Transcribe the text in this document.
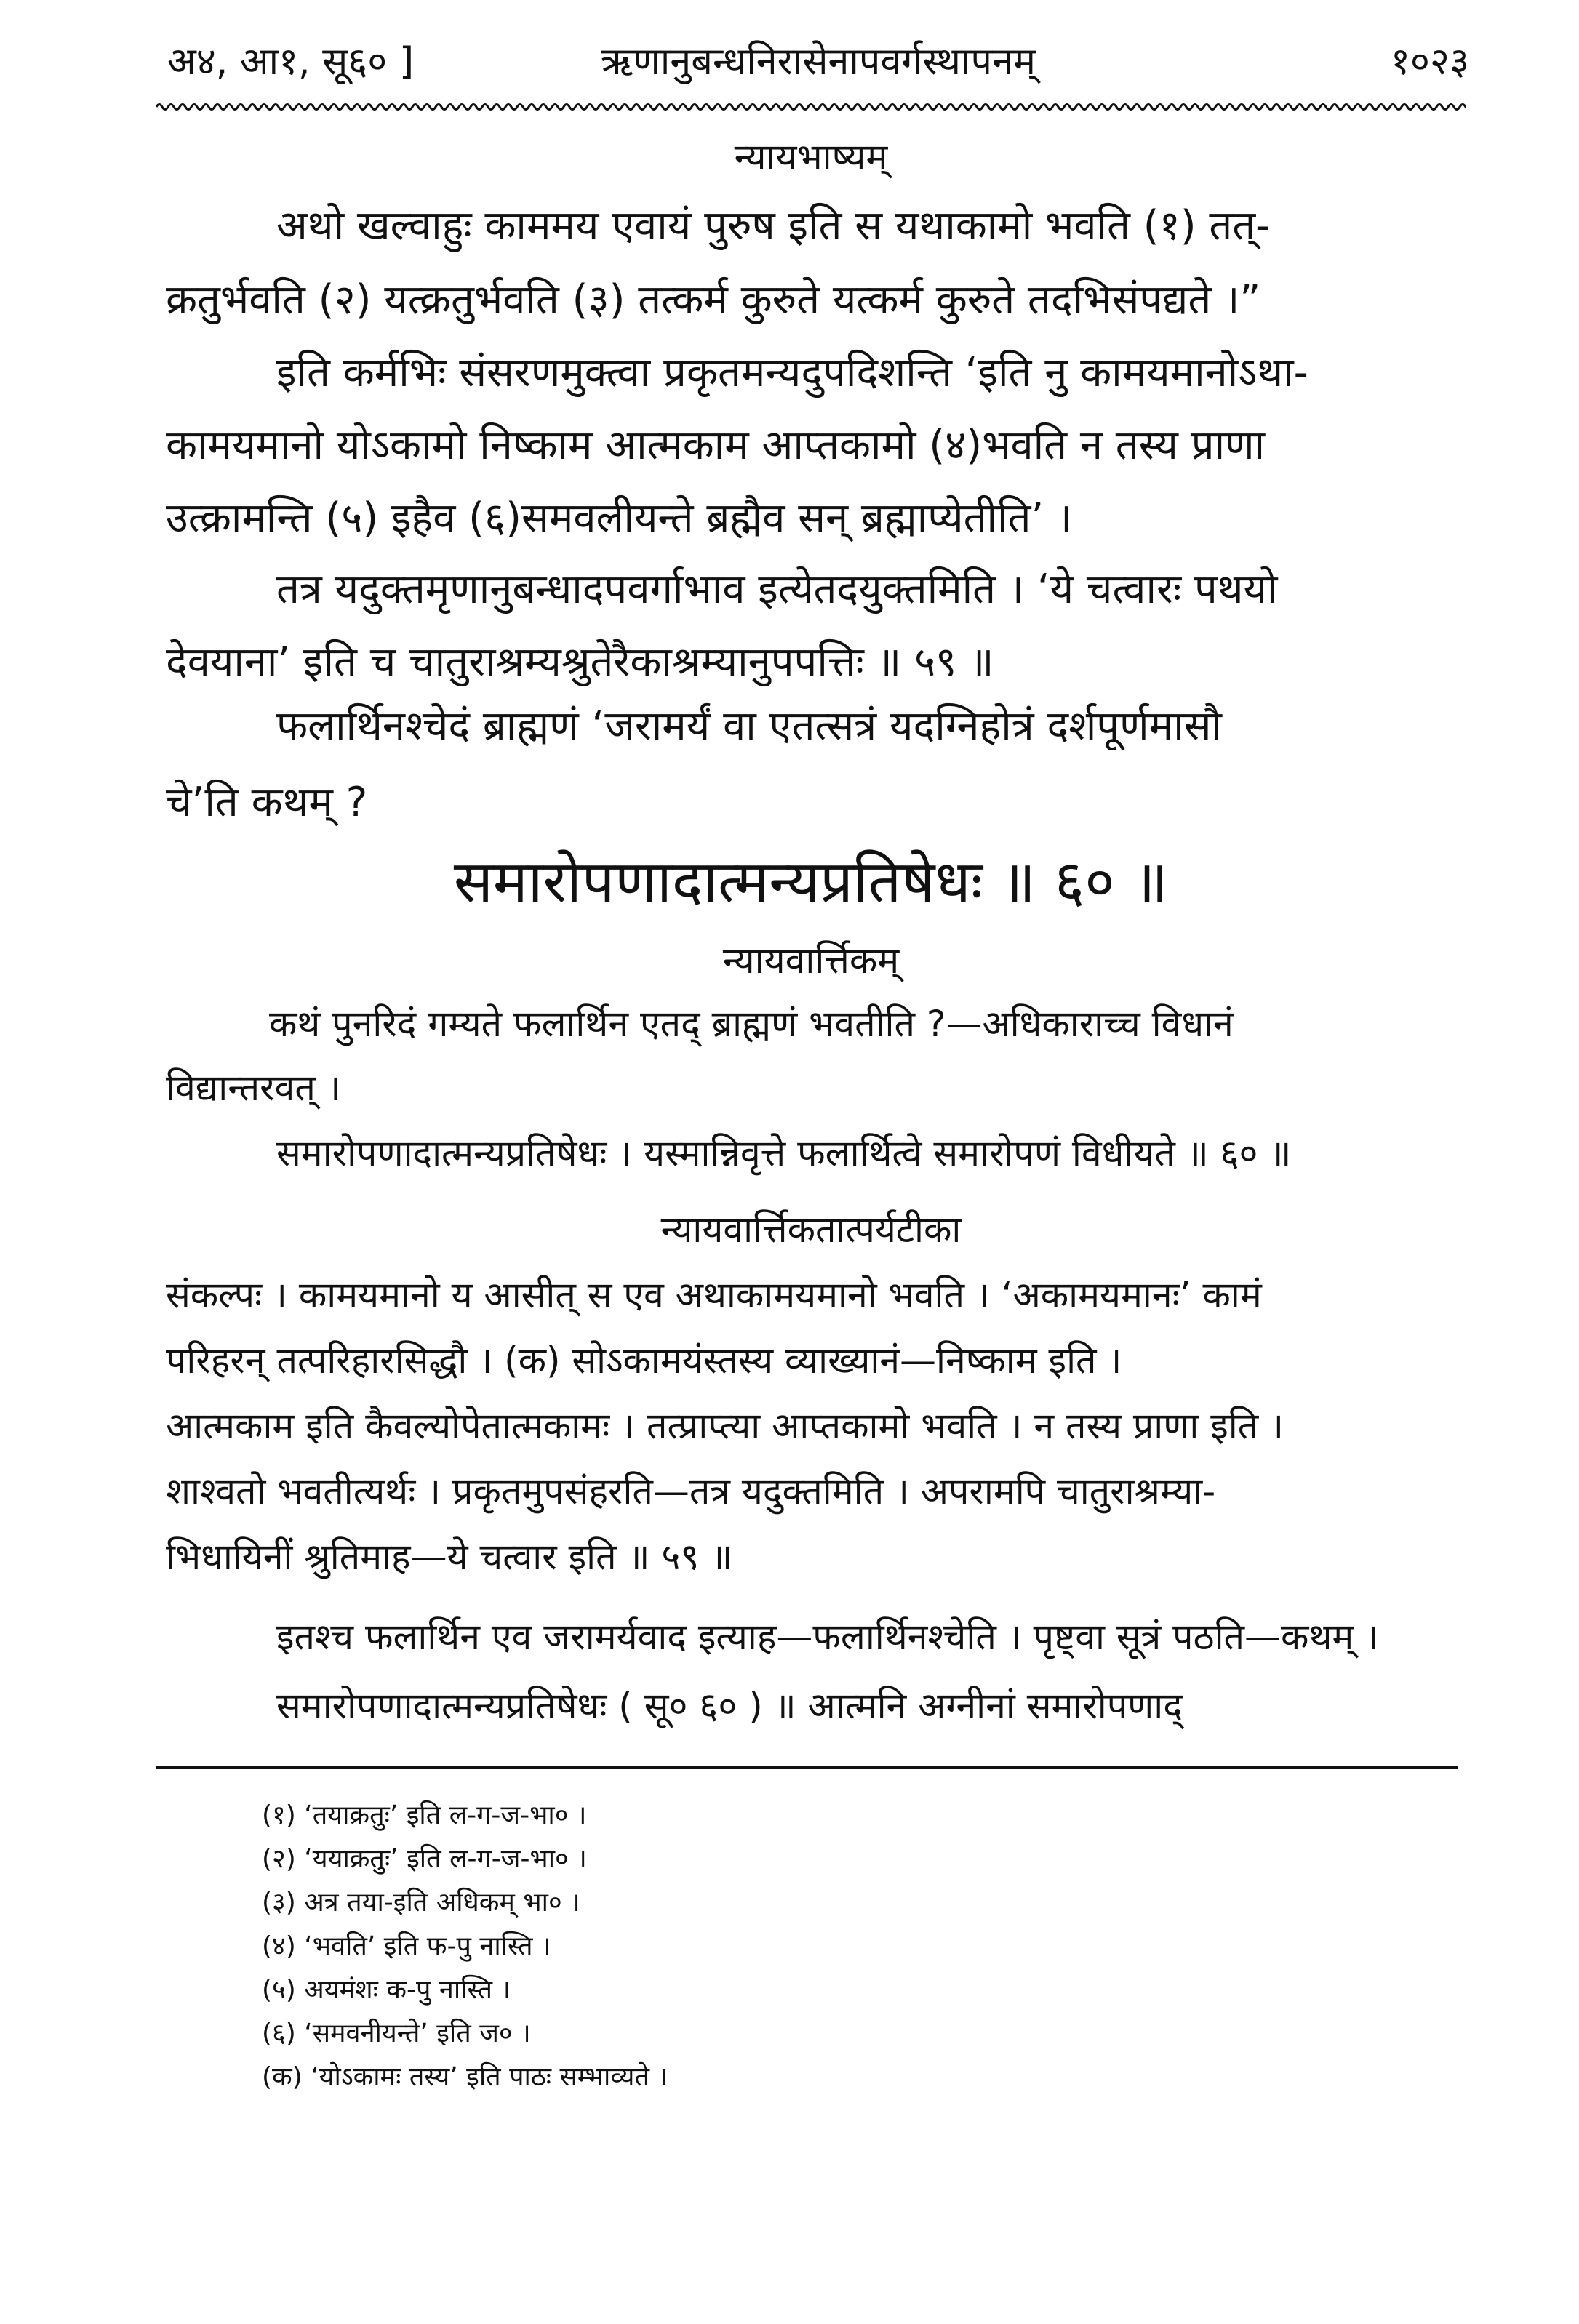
अ४, आ१, सू६० ]	ऋणानुबन्धनिरासेनापवर्गस्थापनम्	१०२३
न्यायभाष्यम्
अथो खल्वाहुः काममय एवायं पुरुष इति स यथाकामो भवति (१) तत्-
क्रतुर्भवति (२) यत्क्रतुर्भवति (३) तत्कर्म कुरुते यत्कर्म कुरुते तदभिसंपद्यते ।”
इति कर्मभिः संसरणमुक्त्वा प्रकृतमन्यदुपदिशन्ति ‘इति नु कामयमानोऽथा-
कामयमानो योऽकामो निष्काम आत्मकाम आप्तकामो (४)भवति न तस्य प्राणा
उत्क्रामन्ति (५) इहैव (६)समवलीयन्ते ब्रह्मैव सन् ब्रह्माप्येतीति’ ।
तत्र यदुक्तमृणानुबन्धादपवर्गाभाव इत्येतदयुक्तमिति । ‘ये चत्वारः पथयो
देवयाना’ इति च चातुराश्रम्यश्रुतेरैकाश्रम्यानुपपत्तिः ॥ ५९ ॥
फलार्थिनश्चेदं ब्राह्मणं ‘जरामर्यं वा एतत्सत्रं यदग्निहोत्रं दर्शपूर्णमासौ
चे’ति कथम् ?
समारोपणादात्मन्यप्रतिषेधः ॥ ६० ॥
न्यायवार्त्तिकम्
कथं पुनरिदं गम्यते फलार्थिन एतद् ब्राह्मणं भवतीति ?—अधिकाराच्च विधानं
विद्यान्तरवत् ।
समारोपणादात्मन्यप्रतिषेधः । यस्मान्निवृत्ते फलार्थित्वे समारोपणं विधीयते ॥ ६० ॥
न्यायवार्त्तिकतात्पर्यटीका
संकल्पः । कामयमानो य आसीत् स एव अथाकामयमानो भवति । ‘अकामयमानः’ कामं
परिहरन् तत्परिहारसिद्धौ । (क) सोऽकामयंस्तस्य व्याख्यानं—निष्काम इति ।
आत्मकाम इति कैवल्योपेतात्मकामः । तत्प्राप्त्या आप्तकामो भवति । न तस्य प्राणा इति ।
शाश्वतो भवतीत्यर्थः । प्रकृतमुपसंहरति—तत्र यदुक्तमिति । अपरामपि चातुराश्रम्या-
भिधायिनीं श्रुतिमाह—ये चत्वार इति ॥ ५९ ॥
इतश्च फलार्थिन एव जरामर्यवाद इत्याह—फलार्थिनश्चेति । पृष्ट्वा सूत्रं पठति—कथम् ।
समारोपणादात्मन्यप्रतिषेधः ( सू० ६० ) ॥ आत्मनि अग्नीनां समारोपणाद्
(१) ‘तयाक्रतुः’ इति ल-ग-ज-भा० ।
(२) ‘ययाक्रतुः’ इति ल-ग-ज-भा० ।
(३) अत्र तया-इति अधिकम् भा० ।
(४) ‘भवति’ इति फ-पु नास्ति ।
(५) अयमंशः क-पु नास्ति ।
(६) ‘समवनीयन्ते’ इति ज० ।
(क) ‘योऽकामः तस्य’ इति पाठः सम्भाव्यते ।
